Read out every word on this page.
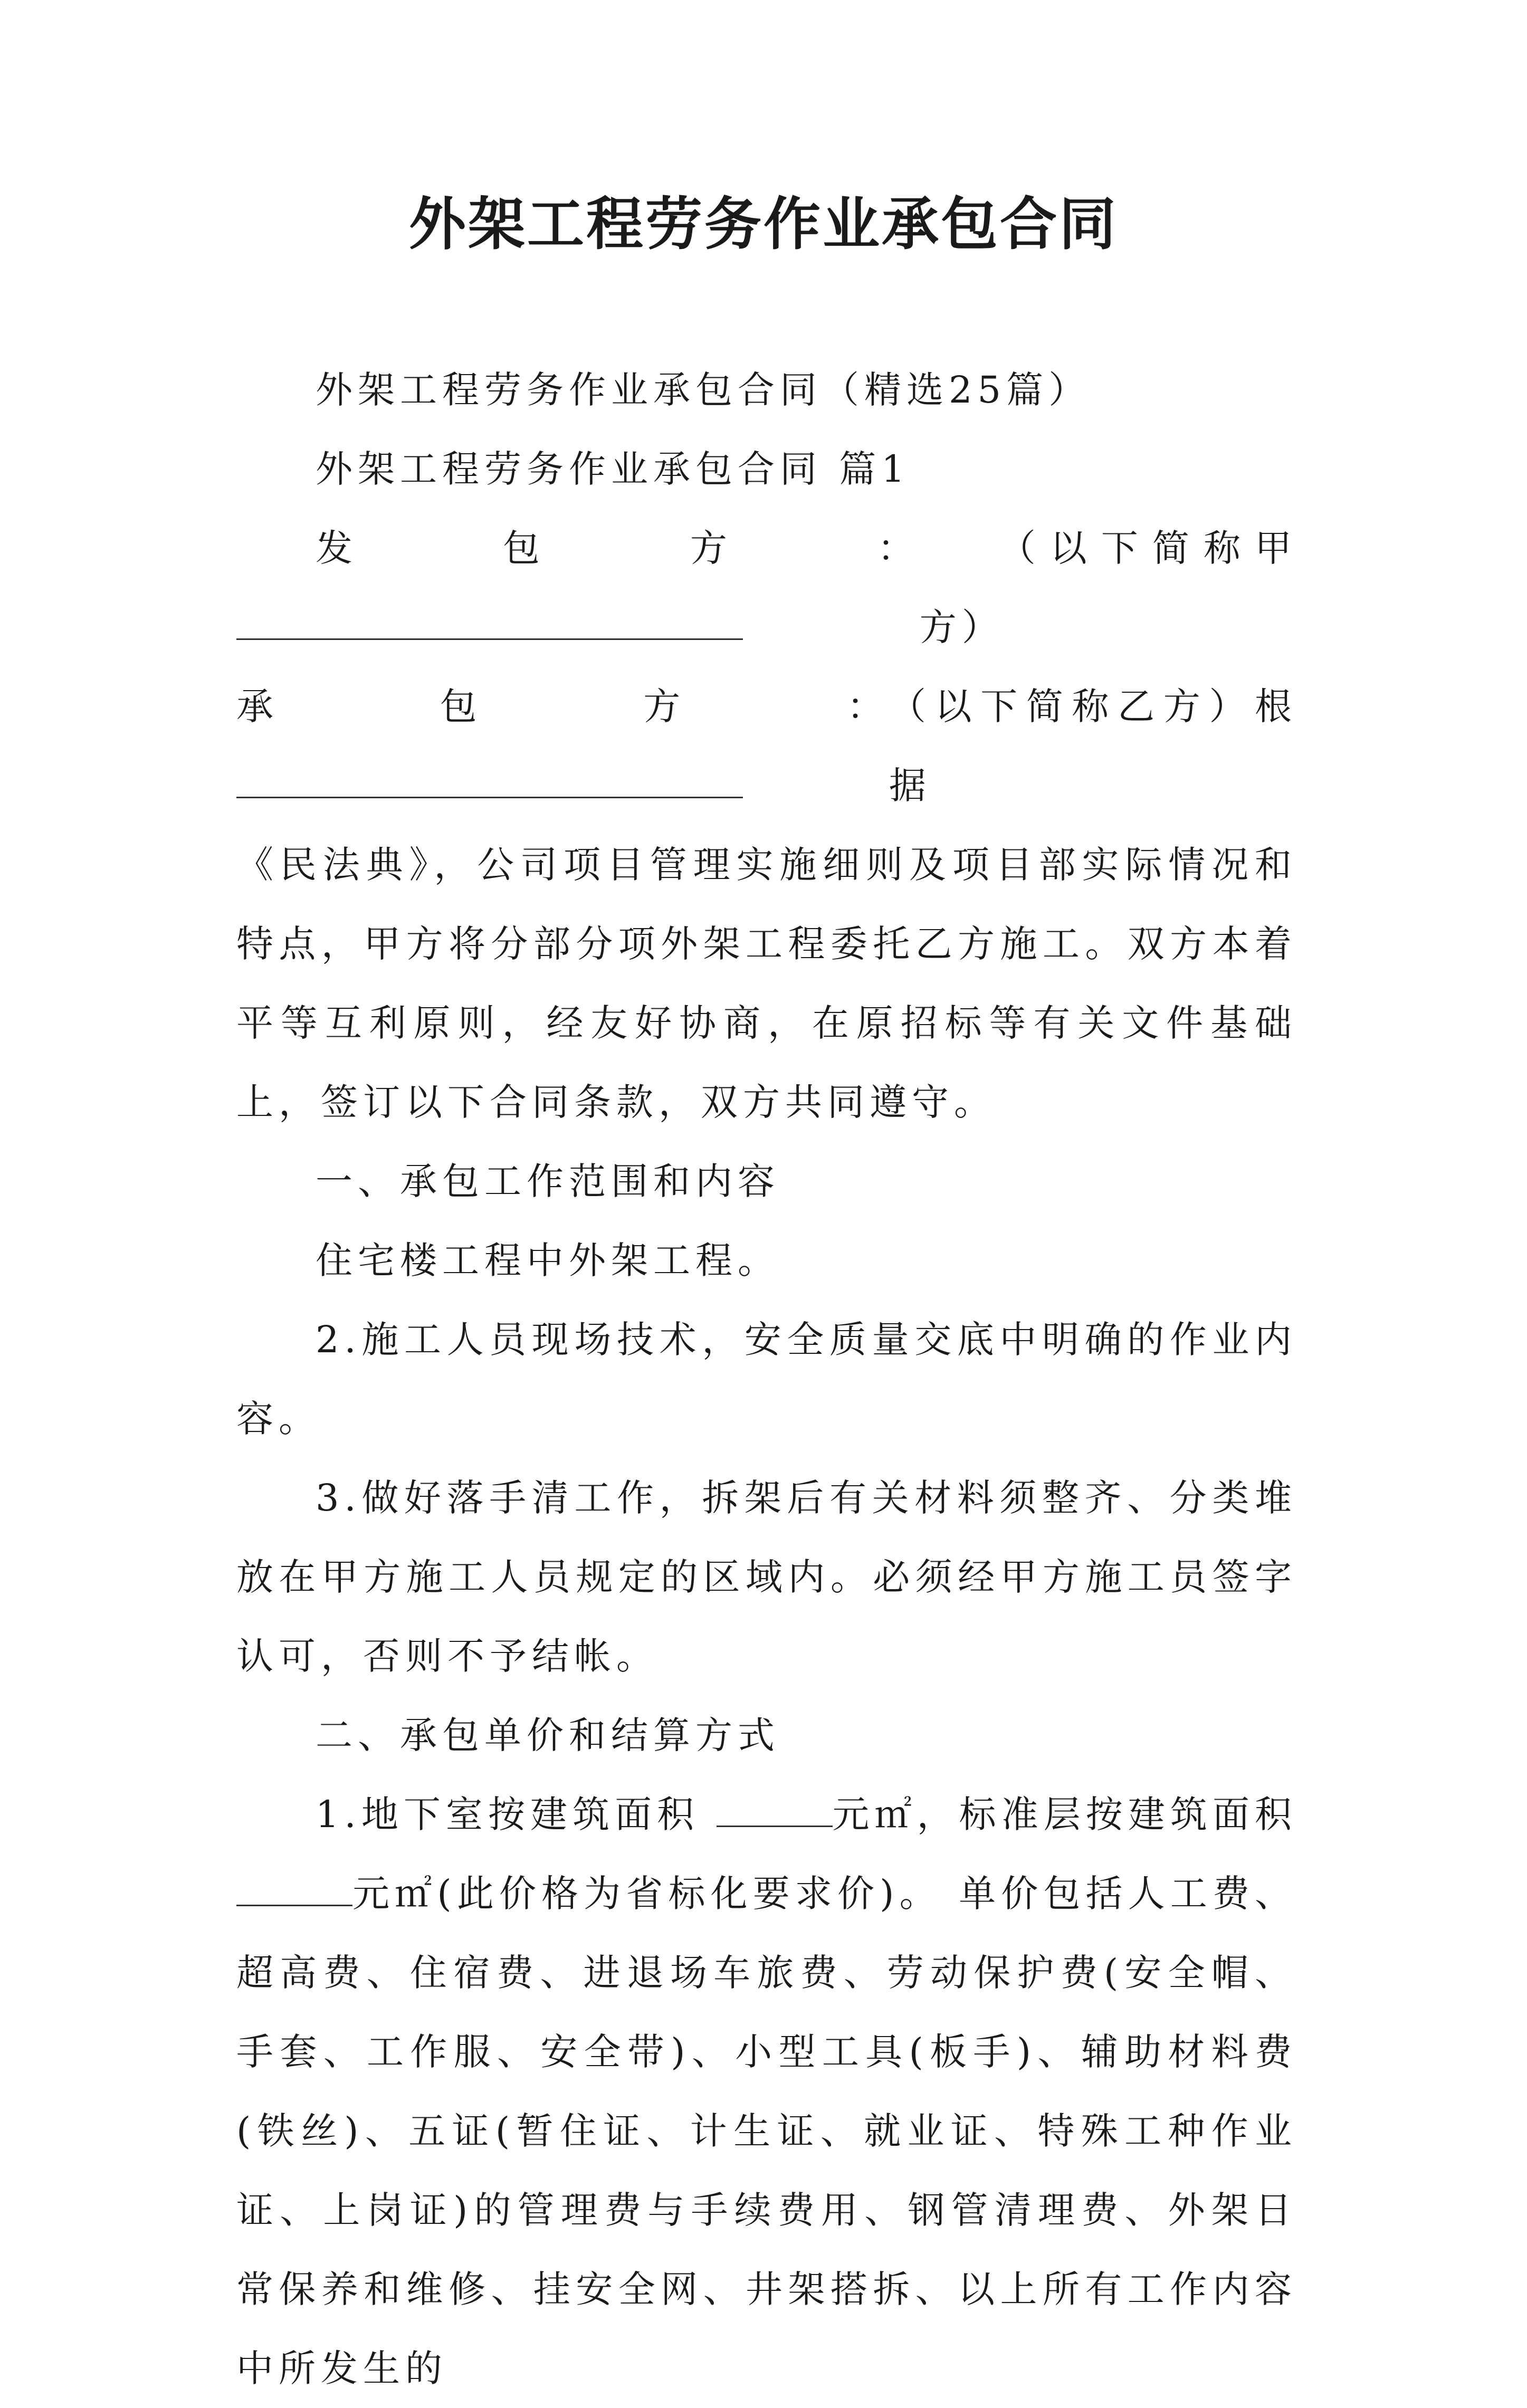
外架工程劳务作业承包合同

外架工程劳务作业承包合同（精选25篇）

外架工程劳务作业承包合同 篇1

发包方：	（以下简称甲方）

承包方： （以下简称乙方）根据

《民法典》，公司项目管理实施细则及项目部实际情况和特点，甲方将分部分项外架工程委托乙方施工。双方本着平等互利原则，经友好协商，在原招标等有关文件基础上，签订以下合同条款，双方共同遵守。

一、承包工作范围和内容

住宅楼工程中外架工程。

2.施工人员现场技术，安全质量交底中明确的作业内容。

3.做好落手清工作，拆架后有关材料须整齐、分类堆放在甲方施工人员规定的区域内。必须经甲方施工员签字认可，否则不予结帐。

二、承包单价和结算方式

1.地下室按建筑面积	元㎡，标准层按建筑面积元㎡(此价格为省标化要求价)。 单价包括人工费、超高费、住宿费、进退场车旅费、劳动保护费(安全帽、手套、工作服、安全带)、小型工具(板手)、辅助材料费(铁丝)、五证(暂住证、计生证、就业证、特殊工种作业证、上岗证)的管理费与手续费用、钢管清理费、外架日常保养和维修、挂安全网、井架搭拆、以上所有工作内容中所发生的
